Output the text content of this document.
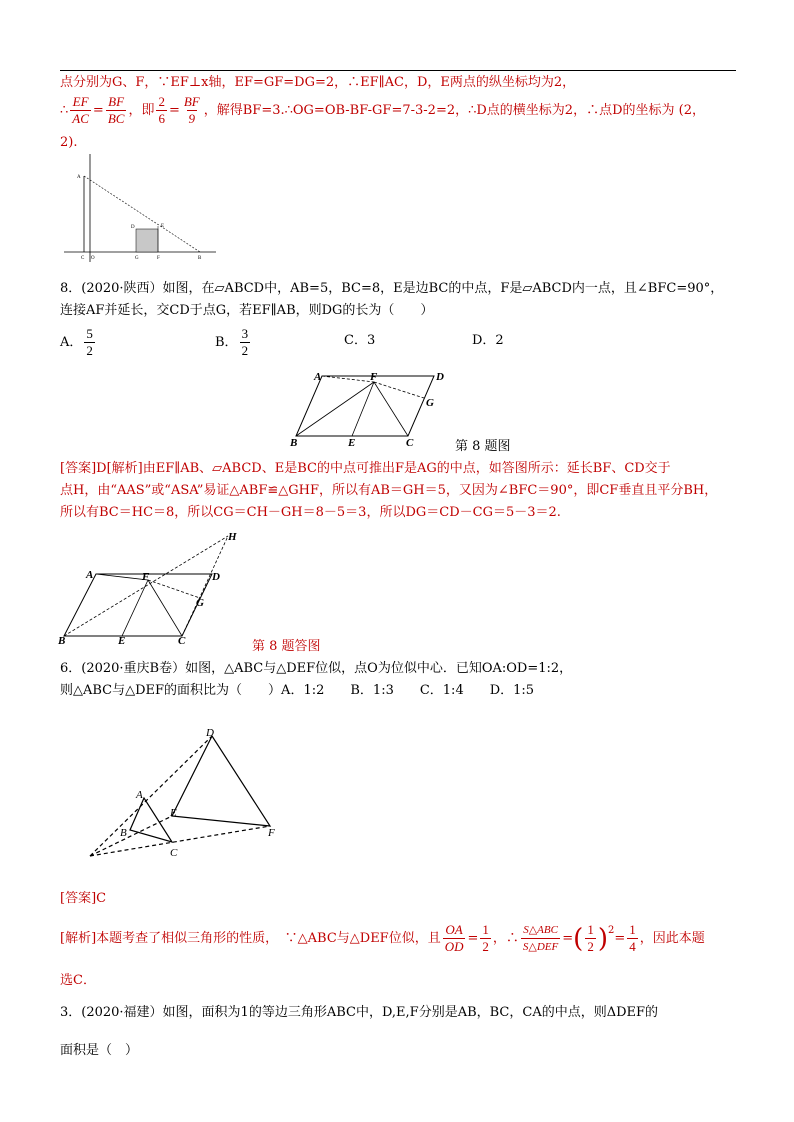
点分别为G、F，∵EF⊥x轴，EF=GF=DG=2，∴EF∥AC，D，E两点的纵坐标均为2，
∴ $\frac{EF}{AC} = \frac{BF}{BC}$ ，即 $\frac{2}{6} = \frac{BF}{9}$ ，解得BF=3.∴OG=OB-BF-GF=7-3-2=2，∴D点的横坐标为2，∴点D的坐标为 (2，
2).
A
D	E
C O	G	F	B
8．(2020·陕西）如图，在▱ABCD中，AB=5，BC=8，E是边BC的中点，F是▱ABCD内一点，且∠BFC=90°，
连接AF并延长，交CD于点G，若EF∥AB，则DG的长为（　　）
A． $\frac{5}{2}$	B． $\frac{3}{2}$	C．3	D．2
A	F	D
G
B	E	C	第 8 题图
[答案]D[解析]由EF∥AB、▱ABCD、E是BC的中点可推出F是AG的中点，如答图所示：延长BF、CD交于
点H，由“AAS”或“ASA”易证△ABF≌△GHF，所以有AB＝GH＝5，又因为∠BFC＝90°，即CF垂直且平分BH，
所以有BC＝HC＝8，所以CG＝CH－GH＝8－5＝3，所以DG＝CD－CG＝5－3＝2.
A	F	D
G
H
B	E	C	第 8 题答图
6．(2020·重庆B卷）如图，△ABC与△DEF位似，点O为位似中心．已知OA:OD=1:2，
则△ABC与△DEF的面积比为（　　）A．1:2　　B．1:3　　C．1:4　　D．1:5
A
B
C
D
E
F
[答案]C
[解析]本题考查了相似三角形的性质，　∵△ABC与△DEF位似，且 $\frac{OA}{OD} = \frac{1}{2}$ ，∴ $\frac{\text{S△ABC}}{\text{S△DEF}}$ = ( $\frac{1}{2} )^2 = \frac{1}{4}$ ，因此本题
选C．
3．(2020·福建）如图，面积为1的等边三角形ABC中，D,E,F分别是AB，BC，CA的中点，则ΔDEF的
面积是（　）
